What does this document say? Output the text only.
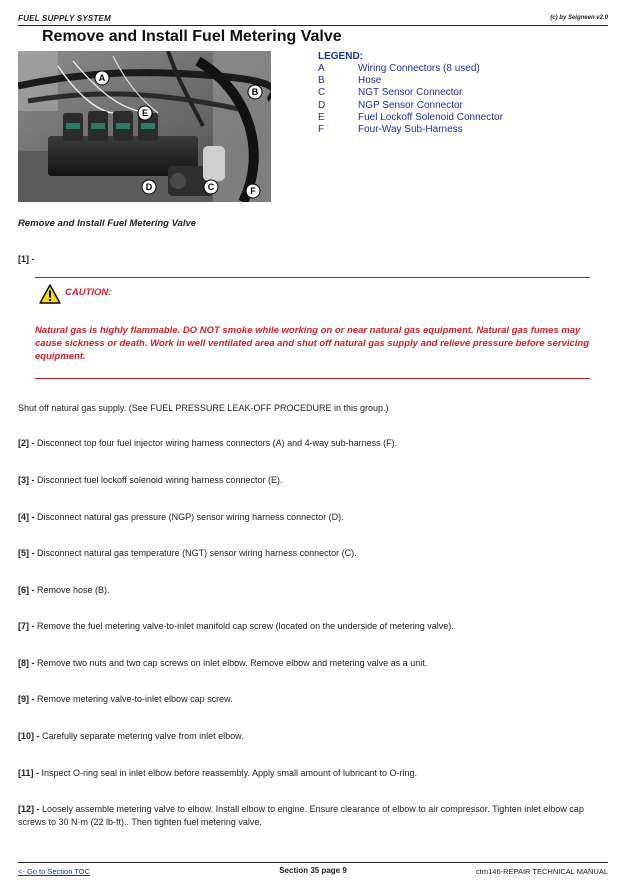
FUEL SUPPLY SYSTEM	(c) by Seigneen v2.0
Remove and Install Fuel Metering Valve
A
B
E
D	C	F
LEGEND:
A	Wiring Connectors (8 used)
B	Hose
C	NGT Sensor Connector
D	NGP Sensor Connector
E	Fuel Lockoff Solenoid Connector
F	Four-Way Sub-Harness
Remove and Install Fuel Metering Valve

[1] -

CAUTION:

Natural gas is highly flammable. DO NOT smoke while working on or near natural gas equipment. Natural gas fumes may cause sickness or death. Work in well ventilated area and shut off natural gas supply and relieve pressure before servicing equipment.

Shut off natural gas supply. (See FUEL PRESSURE LEAK-OFF PROCEDURE in this group.)

[2] - Disconnect top four fuel injector wiring harness connectors (A) and 4-way sub-harness (F).

[3] - Disconnect fuel lockoff solenoid wiring harness connector (E).

[4] - Disconnect natural gas pressure (NGP) sensor wiring harness connector (D).

[5] - Disconnect natural gas temperature (NGT) sensor wiring harness connector (C).

[6] - Remove hose (B).

[7] - Remove the fuel metering valve-to-inlet manifold cap screw (located on the underside of metering valve).

[8] - Remove two nuts and two cap screws on inlet elbow. Remove elbow and metering valve as a unit.

[9] - Remove metering valve-to-inlet elbow cap screw.

[10] - Carefully separate metering valve from inlet elbow.

[11] - Inspect O-ring seal in inlet elbow before reassembly. Apply small amount of lubricant to O-ring.

[12] - Loosely assemble metering valve to elbow. Install elbow to engine. Ensure clearance of elbow to air compressor. Tighten inlet elbow cap screws to 30 N·m (22 lb-ft).. Then tighten fuel metering valve.

<- Go to Section TOC	Section 35 page 9	ctm146-REPAIR TECHNICAL MANUAL
